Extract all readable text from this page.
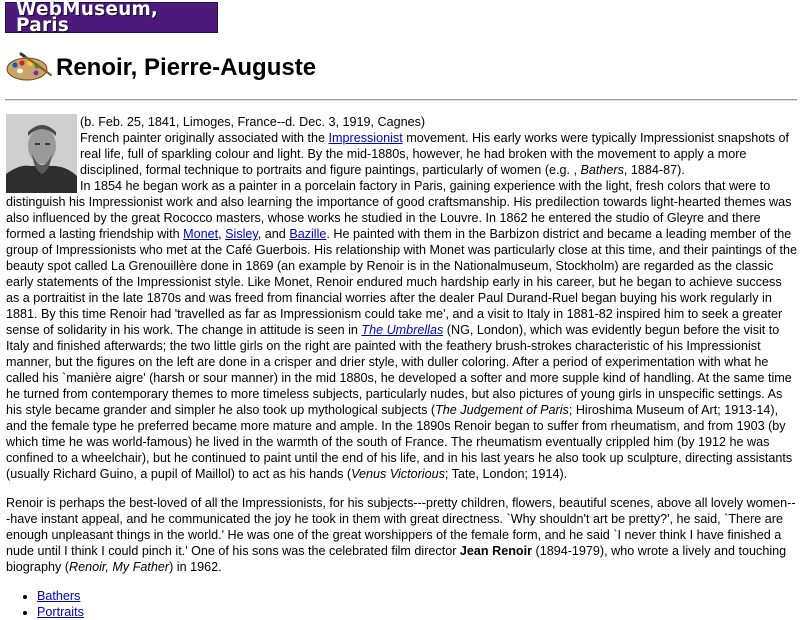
WebMuseum, Paris
Renoir, Pierre-Auguste

(b. Feb. 25, 1841, Limoges, France--d. Dec. 3, 1919, Cagnes)
French painter originally associated with the Impressionist movement. His early works were typically Impressionist snapshots of real life, full of sparkling colour and light. By the mid-1880s, however, he had broken with the movement to apply a more disciplined, formal technique to portraits and figure paintings, particularly of women (e.g. , Bathers, 1884-87).
In 1854 he began work as a painter in a porcelain factory in Paris, gaining experience with the light, fresh colors that were to distinguish his Impressionist work and also learning the importance of good craftsmanship. His predilection towards light-hearted themes was also influenced by the great Rococco masters, whose works he studied in the Louvre. In 1862 he entered the studio of Gleyre and there formed a lasting friendship with Monet, Sisley, and Bazille. He painted with them in the Barbizon district and became a leading member of the group of Impressionists who met at the Café Guerbois. His relationship with Monet was particularly close at this time, and their paintings of the beauty spot called La Grenouillère done in 1869 (an example by Renoir is in the Nationalmuseum, Stockholm) are regarded as the classic early statements of the Impressionist style. Like Monet, Renoir endured much hardship early in his career, but he began to achieve success as a portraitist in the late 1870s and was freed from financial worries after the dealer Paul Durand-Ruel began buying his work regularly in 1881. By this time Renoir had 'travelled as far as Impressionism could take me', and a visit to Italy in 1881-82 inspired him to seek a greater sense of solidarity in his work. The change in attitude is seen in The Umbrellas (NG, London), which was evidently begun before the visit to Italy and finished afterwards; the two little girls on the right are painted with the feathery brush-strokes characteristic of his Impressionist manner, but the figures on the left are done in a crisper and drier style, with duller coloring. After a period of experimentation with what he called his `manière aigre' (harsh or sour manner) in the mid 1880s, he developed a softer and more supple kind of handling. At the same time he turned from contemporary themes to more timeless subjects, particularly nudes, but also pictures of young girls in unspecific settings. As his style became grander and simpler he also took up mythological subjects (The Judgement of Paris; Hiroshima Museum of Art; 1913-14), and the female type he preferred became more mature and ample. In the 1890s Renoir began to suffer from rheumatism, and from 1903 (by which time he was world-famous) he lived in the warmth of the south of France. The rheumatism eventually crippled him (by 1912 he was confined to a wheelchair), but he continued to paint until the end of his life, and in his last years he also took up sculpture, directing assistants (usually Richard Guino, a pupil of Maillol) to act as his hands (Venus Victorious; Tate, London; 1914).

Renoir is perhaps the best-loved of all the Impressionists, for his subjects---pretty children, flowers, beautiful scenes, above all lovely women---have instant appeal, and he communicated the joy he took in them with great directness. `Why shouldn't art be pretty?', he said, `There are enough unpleasant things in the world.' He was one of the great worshippers of the female form, and he said `I never think I have finished a nude until I think I could pinch it.' One of his sons was the celebrated film director Jean Renoir (1894-1979), who wrote a lively and touching biography (Renoir, My Father) in 1962.

• Bathers
• Portraits
